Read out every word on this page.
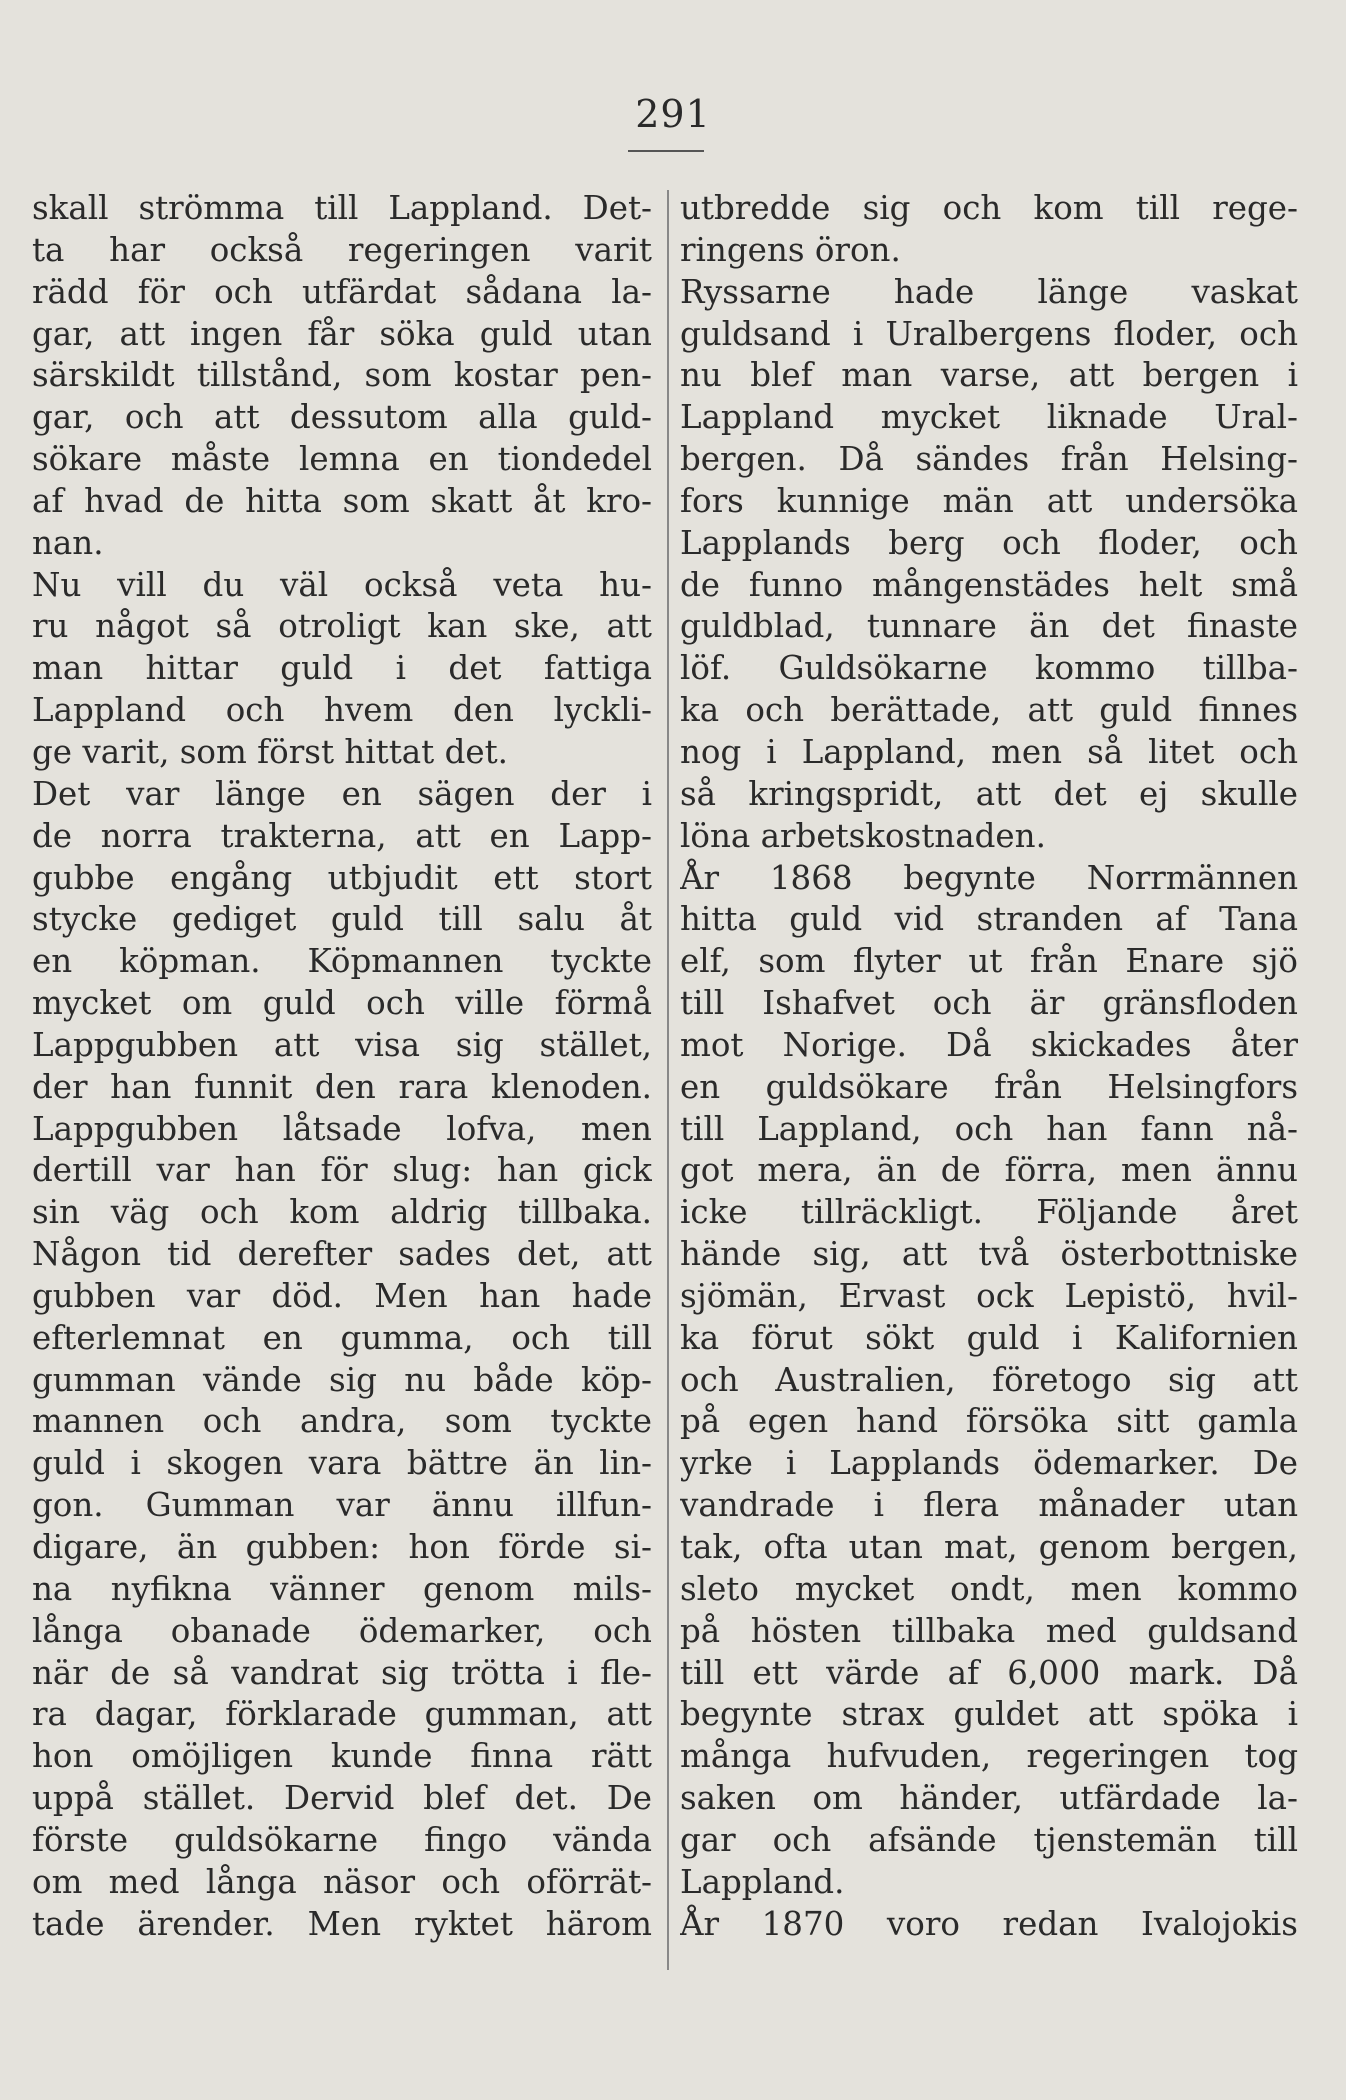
291
skall strömma till Lappland. Det-
ta har också regeringen varit
rädd för och utfärdat sådana la-
gar, att ingen får söka guld utan
särskildt tillstånd, som kostar pen-
gar, och att dessutom alla guld-
sökare måste lemna en tiondedel
af hvad de hitta som skatt åt kro-
nan.
Nu vill du väl också veta hu-
ru något så otroligt kan ske, att
man hittar guld i det fattiga
Lappland och hvem den lyckli-
ge varit, som först hittat det.
Det var länge en sägen der i
de norra trakterna, att en Lapp-
gubbe engång utbjudit ett stort
stycke gediget guld till salu åt
en köpman. Köpmannen tyckte
mycket om guld och ville förmå
Lappgubben att visa sig stället,
der han funnit den rara klenoden.
Lappgubben låtsade lofva, men
dertill var han för slug: han gick
sin väg och kom aldrig tillbaka.
Någon tid derefter sades det, att
gubben var död. Men han hade
efterlemnat en gumma, och till
gumman vände sig nu både köp-
mannen och andra, som tyckte
guld i skogen vara bättre än lin-
gon. Gumman var ännu illfun-
digare, än gubben: hon förde si-
na nyfikna vänner genom mils-
långa obanade ödemarker, och
när de så vandrat sig trötta i fle-
ra dagar, förklarade gumman, att
hon omöjligen kunde finna rätt
uppå stället. Dervid blef det. De
förste guldsökarne fingo vända
om med långa näsor och oförrät-
tade ärender. Men ryktet härom
utbredde sig och kom till rege-
ringens öron.
Ryssarne hade länge vaskat
guldsand i Uralbergens floder, och
nu blef man varse, att bergen i
Lappland mycket liknade Ural-
bergen. Då sändes från Helsing-
fors kunnige män att undersöka
Lapplands berg och floder, och
de funno mångenstädes helt små
guldblad, tunnare än det finaste
löf. Guldsökarne kommo tillba-
ka och berättade, att guld finnes
nog i Lappland, men så litet och
så kringspridt, att det ej skulle
löna arbetskostnaden.
År 1868 begynte Norrmännen
hitta guld vid stranden af Tana
elf, som flyter ut från Enare sjö
till Ishafvet och är gränsfloden
mot Norige. Då skickades åter
en guldsökare från Helsingfors
till Lappland, och han fann nå-
got mera, än de förra, men ännu
icke tillräckligt. Följande året
hände sig, att två österbottniske
sjömän, Ervast ock Lepistö, hvil-
ka förut sökt guld i Kalifornien
och Australien, företogo sig att
på egen hand försöka sitt gamla
yrke i Lapplands ödemarker. De
vandrade i flera månader utan
tak, ofta utan mat, genom bergen,
sleto mycket ondt, men kommo
på hösten tillbaka med guldsand
till ett värde af 6,000 mark. Då
begynte strax guldet att spöka i
många hufvuden, regeringen tog
saken om händer, utfärdade la-
gar och afsände tjenstemän till
Lappland.
År 1870 voro redan Ivalojokis
